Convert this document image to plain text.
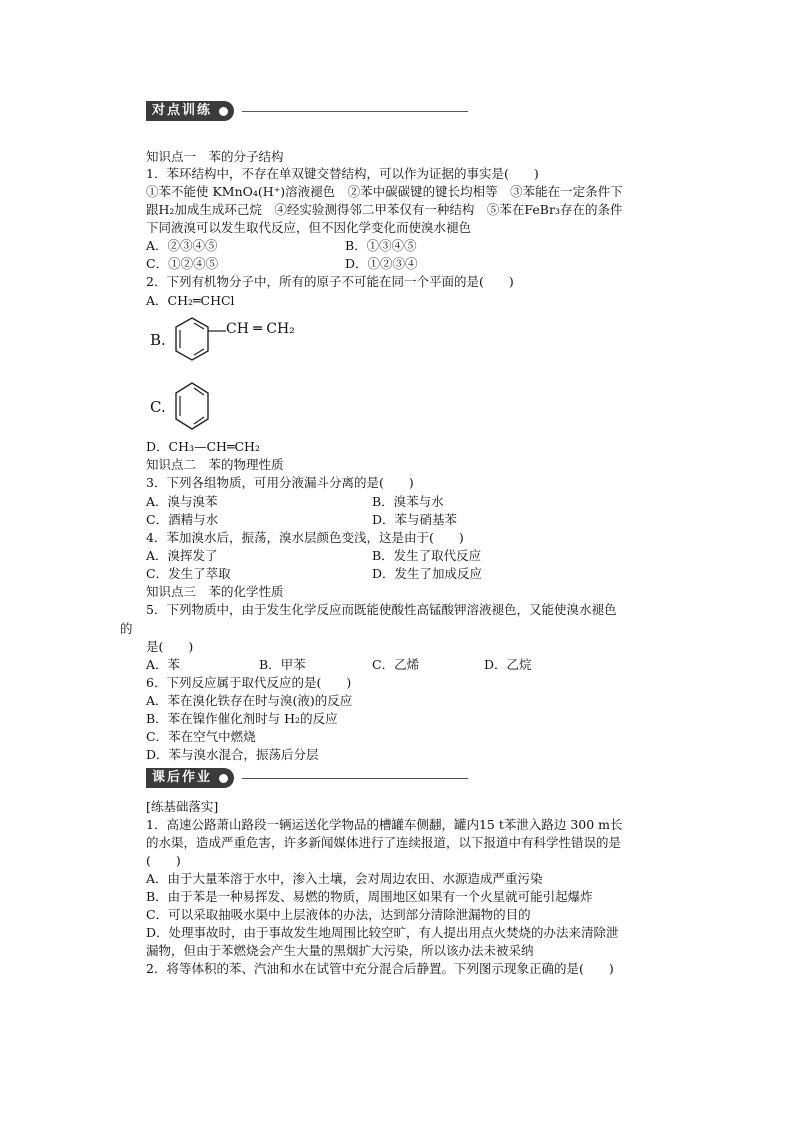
对点训练
知识点一　苯的分子结构
1．苯环结构中，不存在单双键交替结构，可以作为证据的事实是(　　)
①苯不能使 KMnO₄(H⁺)溶液褪色　②苯中碳碳键的键长均相等　③苯能在一定条件下
跟H₂加成生成环己烷　④经实验测得邻二甲苯仅有一种结构　⑤苯在FeBr₃存在的条件
下同液溴可以发生取代反应，但不因化学变化而使溴水褪色
A．②③④⑤	B．①③④⑤
C．①②④⑤	D．①②③④
2．下列有机物分子中，所有的原子不可能在同一个平面的是(　　)
A．CH₂═CHCl
B.
CH ═ CH₂
C.
D．CH₃—CH═CH₂
知识点二　苯的物理性质
3．下列各组物质，可用分液漏斗分离的是(　　)
A．溴与溴苯	B．溴苯与水
C．酒精与水	D．苯与硝基苯
4．苯加溴水后，振荡，溴水层颜色变浅，这是由于(　　)
A．溴挥发了	B．发生了取代反应
C．发生了萃取	D．发生了加成反应
知识点三　苯的化学性质
5．下列物质中，由于发生化学反应而既能使酸性高锰酸钾溶液褪色，又能使溴水褪色
的
是(　　)
A．苯	B．甲苯	C．乙烯	D．乙烷
6．下列反应属于取代反应的是(　　)
A．苯在溴化铁存在时与溴(液)的反应
B．苯在镍作催化剂时与 H₂的反应
C．苯在空气中燃烧
D．苯与溴水混合，振荡后分层
课后作业
[练基础落实]
1．高速公路萧山路段一辆运送化学物品的槽罐车侧翻，罐内15 t苯泄入路边 300 m长
的水渠，造成严重危害，许多新闻媒体进行了连续报道，以下报道中有科学性错误的是
(　　)
A．由于大量苯溶于水中，渗入土壤，会对周边农田、水源造成严重污染
B．由于苯是一种易挥发、易燃的物质，周围地区如果有一个火星就可能引起爆炸
C．可以采取抽吸水渠中上层液体的办法，达到部分清除泄漏物的目的
D．处理事故时，由于事故发生地周围比较空旷，有人提出用点火焚烧的办法来清除泄
漏物，但由于苯燃烧会产生大量的黑烟扩大污染，所以该办法未被采纳
2．将等体积的苯、汽油和水在试管中充分混合后静置。下列图示现象正确的是(　　)
